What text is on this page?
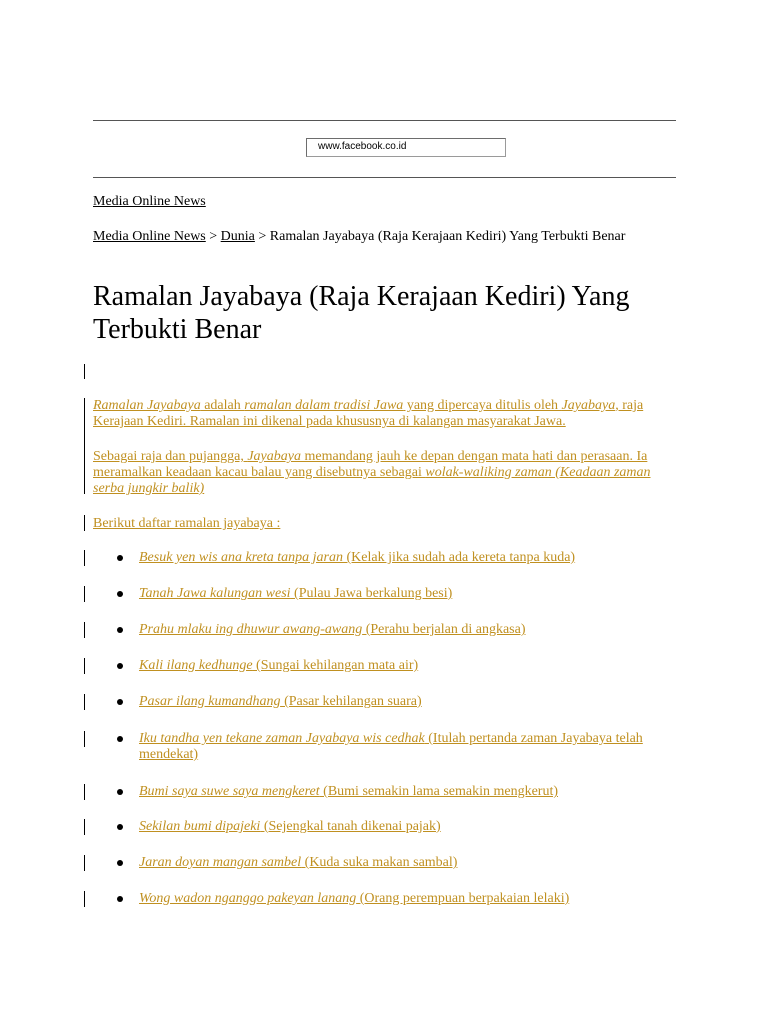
www.facebook.co.id
Media Online News
Media Online News > Dunia > Ramalan Jayabaya (Raja Kerajaan Kediri) Yang Terbukti Benar
Ramalan Jayabaya (Raja Kerajaan Kediri) Yang Terbukti Benar
Ramalan Jayabaya adalah ramalan dalam tradisi Jawa yang dipercaya ditulis oleh Jayabaya, raja Kerajaan Kediri. Ramalan ini dikenal pada khususnya di kalangan masyarakat Jawa.
Sebagai raja dan pujangga, Jayabaya memandang jauh ke depan dengan mata hati dan perasaan. Ia meramalkan keadaan kacau balau yang disebutnya sebagai wolak-waliking zaman (Keadaan zaman serba jungkir balik)
Berikut daftar ramalan jayabaya :
Besuk yen wis ana kreta tanpa jaran (Kelak jika sudah ada kereta tanpa kuda)
Tanah Jawa kalungan wesi (Pulau Jawa berkalung besi)
Prahu mlaku ing dhuwur awang-awang (Perahu berjalan di angkasa)
Kali ilang kedhunge (Sungai kehilangan mata air)
Pasar ilang kumandhang (Pasar kehilangan suara)
Iku tandha yen tekane zaman Jayabaya wis cedhak (Itulah pertanda zaman Jayabaya telah mendekat)
Bumi saya suwe saya mengkeret (Bumi semakin lama semakin mengkerut)
Sekilan bumi dipajeki (Sejengkal tanah dikenai pajak)
Jaran doyan mangan sambel (Kuda suka makan sambal)
Wong wadon nganggo pakeyan lanang (Orang perempuan berpakaian lelaki)
